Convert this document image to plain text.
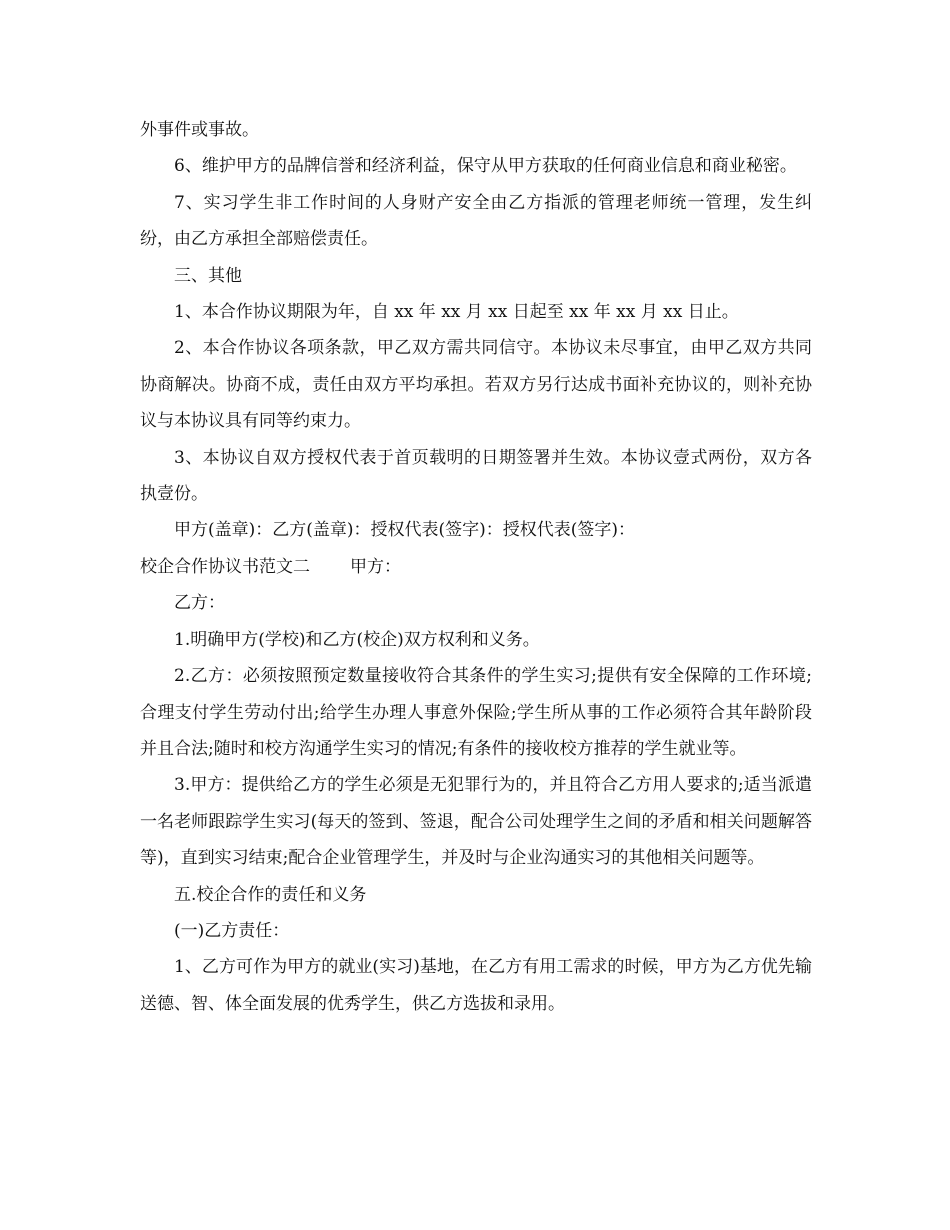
外事件或事故。

6、维护甲方的品牌信誉和经济利益，保守从甲方获取的任何商业信息和商业秘密。

7、实习学生非工作时间的人身财产安全由乙方指派的管理老师统一管理，发生纠纷，由乙方承担全部赔偿责任。

三、其他

1、本合作协议期限为年，自 xx 年 xx 月 xx 日起至 xx 年 xx 月 xx 日止。

2、本合作协议各项条款，甲乙双方需共同信守。本协议未尽事宜，由甲乙双方共同协商解决。协商不成，责任由双方平均承担。若双方另行达成书面补充协议的，则补充协议与本协议具有同等约束力。

3、本协议自双方授权代表于首页载明的日期签署并生效。本协议壹式两份，双方各执壹份。

甲方(盖章)：乙方(盖章)：授权代表(签字)：授权代表(签字)：

校企合作协议书范文二 甲方：

乙方：

1.明确甲方(学校)和乙方(校企)双方权利和义务。

2.乙方：必须按照预定数量接收符合其条件的学生实习;提供有安全保障的工作环境;合理支付学生劳动付出;给学生办理人事意外保险;学生所从事的工作必须符合其年龄阶段并且合法;随时和校方沟通学生实习的情况;有条件的接收校方推荐的学生就业等。

3.甲方：提供给乙方的学生必须是无犯罪行为的，并且符合乙方用人要求的;适当派遣一名老师跟踪学生实习(每天的签到、签退，配合公司处理学生之间的矛盾和相关问题解答等)，直到实习结束;配合企业管理学生，并及时与企业沟通实习的其他相关问题等。

五.校企合作的责任和义务

(一)乙方责任：

1、乙方可作为甲方的就业(实习)基地，在乙方有用工需求的时候，甲方为乙方优先输送德、智、体全面发展的优秀学生，供乙方选拔和录用。
